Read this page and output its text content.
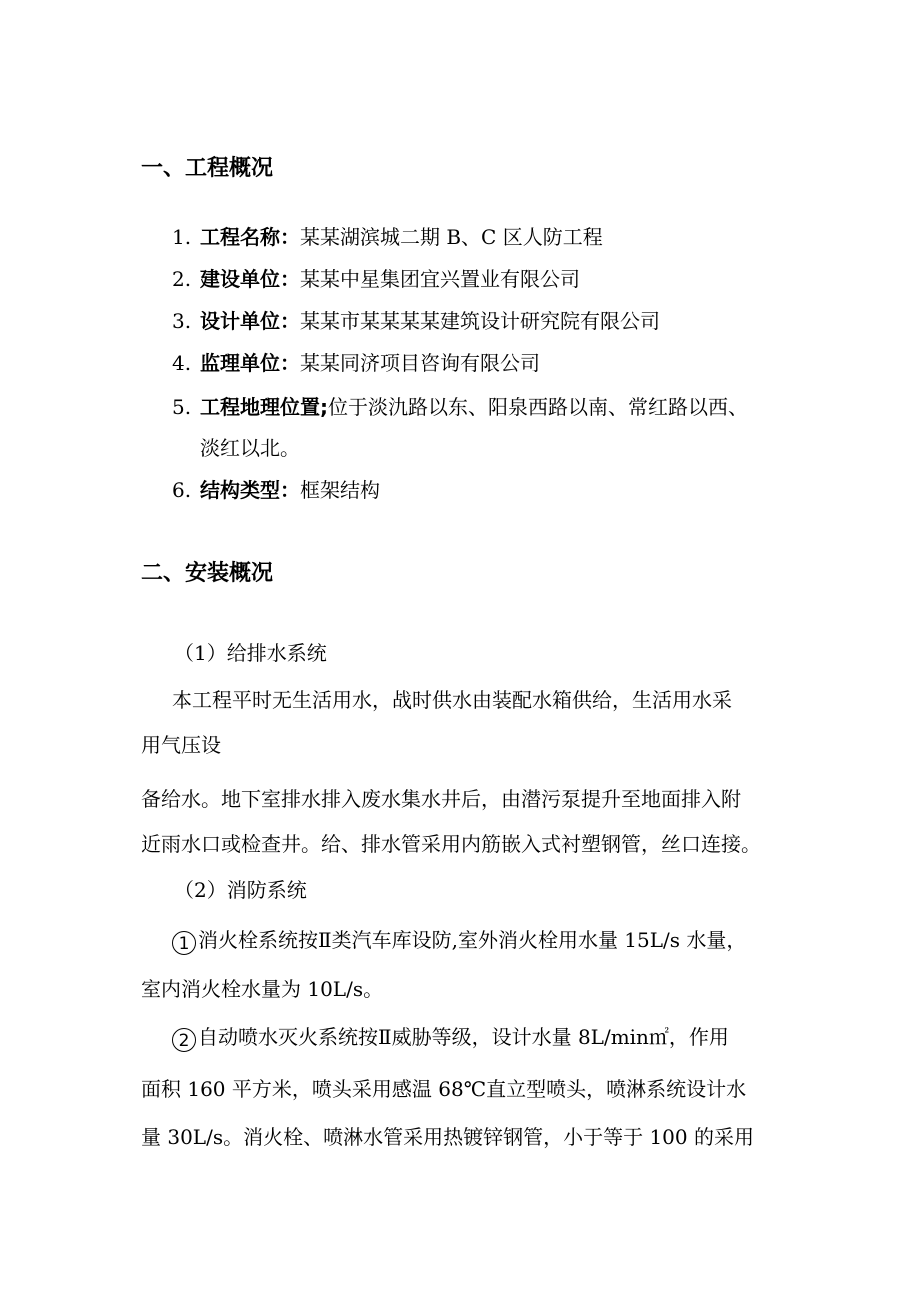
一、工程概况
1. 工程名称：某某湖滨城二期 B、C 区人防工程
2. 建设单位：某某中星集团宜兴置业有限公司
3. 设计单位：某某市某某某某建筑设计研究院有限公司
4. 监理单位：某某同济项目咨询有限公司
5. 工程地理位置;位于淡氿路以东、阳泉西路以南、常红路以西、
淡红以北。
6. 结构类型：框架结构
二、安装概况
（1）给排水系统
本工程平时无生活用水，战时供水由装配水箱供给，生活用水采
用气压设
备给水。地下室排水排入废水集水井后，由潜污泵提升至地面排入附
近雨水口或检查井。给、排水管采用内筋嵌入式衬塑钢管，丝口连接。
（2）消防系统
1 消火栓系统按Ⅱ类汽车库设防,室外消火栓用水量 15L/s 水量，
室内消火栓水量为 10L/s。
2 自动喷水灭火系统按Ⅱ威胁等级，设计水量 8L/min㎡，作用
面积 160 平方米，喷头采用感温 68℃直立型喷头，喷淋系统设计水
量 30L/s。消火栓、喷淋水管采用热镀锌钢管，小于等于 100 的采用
